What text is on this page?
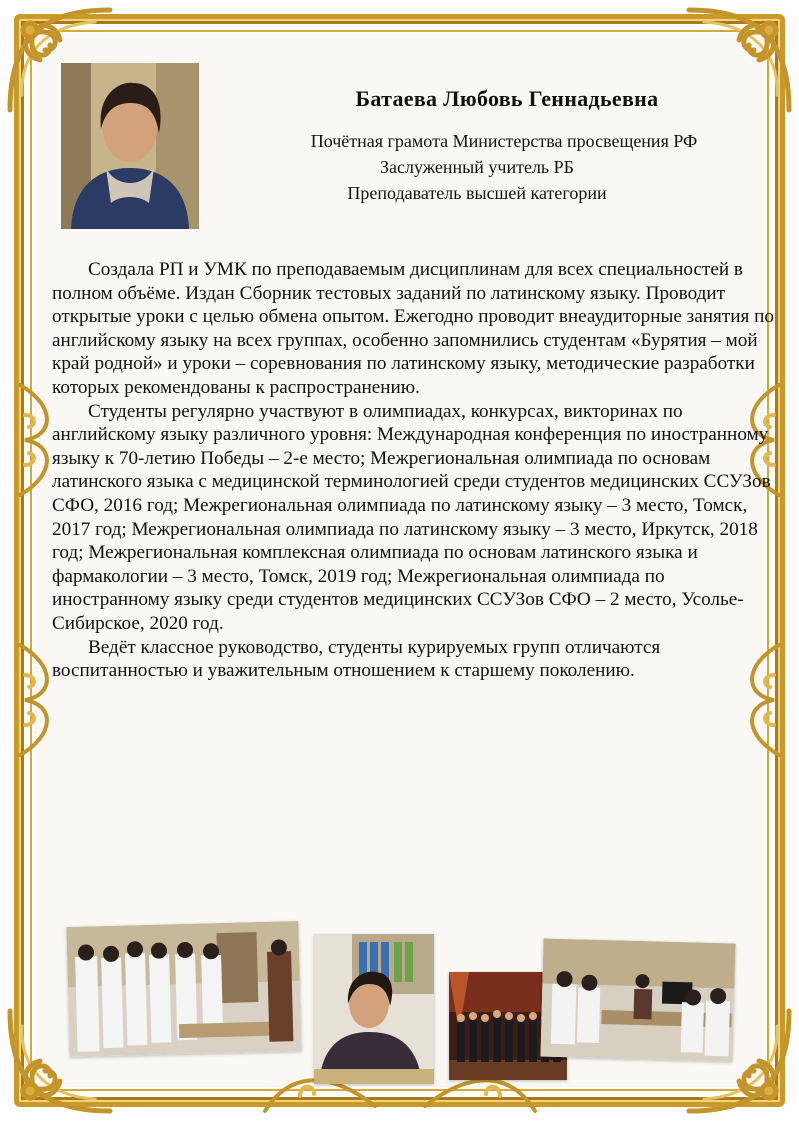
Батаева Любовь Геннадьевна
Почётная грамота Министерства просвещения РФ
Заслуженный учитель РБ
Преподаватель высшей категории

Создала РП и УМК по преподаваемым дисциплинам для всех специальностей в полном объёме. Издан Сборник тестовых заданий по латинскому языку. Проводит открытые уроки с целью обмена опытом. Ежегодно проводит внеаудиторные занятия по английскому языку на всех группах, особенно запомнились студентам «Бурятия – мой край родной» и уроки – соревнования по латинскому языку, методические разработки которых рекомендованы к распространению.

Студенты регулярно участвуют в олимпиадах, конкурсах, викторинах по английскому языку различного уровня: Международная конференция по иностранному языку к 70-летию Победы – 2-е место; Межрегиональная олимпиада по основам латинского языка с медицинской терминологией среди студентов медицинских ССУЗов СФО, 2016 год; Межрегиональная олимпиада по латинскому языку – 3 место, Томск, 2017 год; Межрегиональная олимпиада по латинскому языку – 3 место, Иркутск, 2018 год; Межрегиональная комплексная олимпиада по основам латинского языка и фармакологии – 3 место, Томск, 2019 год; Межрегиональная олимпиада по иностранному языку среди студентов медицинских ССУЗов СФО – 2 место, Усолье-Сибирское, 2020 год.

Ведёт классное руководство, студенты курируемых групп отличаются воспитанностью и уважительным отношением к старшему поколению.
